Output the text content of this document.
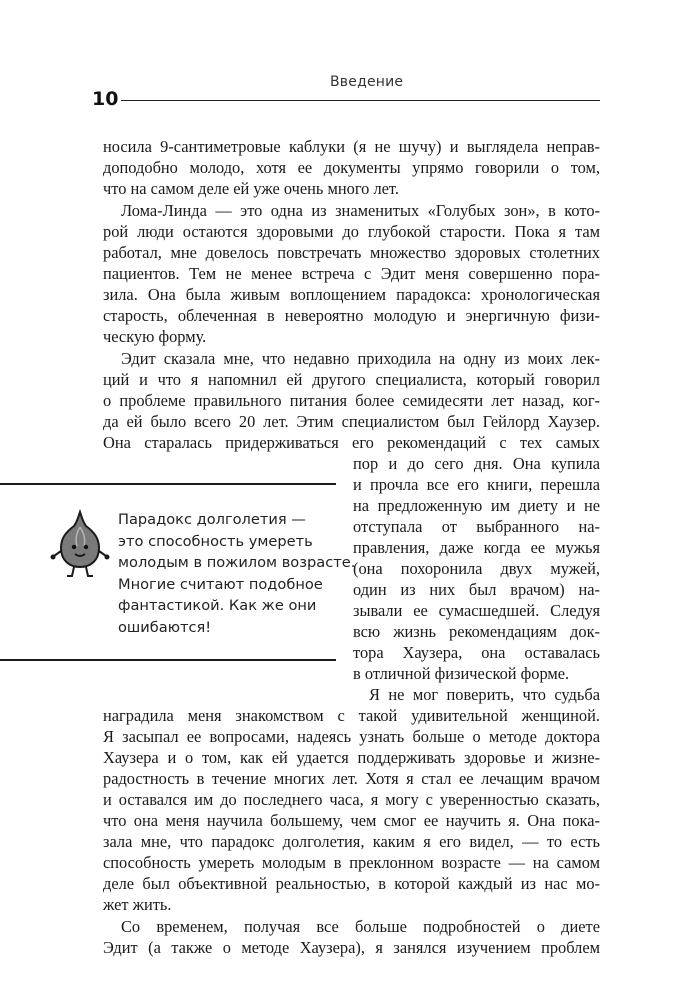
Введение
10
носила 9-сантиметровые каблуки (я не шучу) и выглядела неправ-
доподобно молодо, хотя ее документы упрямо говорили о том,
что на самом деле ей уже очень много лет.
Лома-Линда — это одна из знаменитых «Голубых зон», в кото-
рой люди остаются здоровыми до глубокой старости. Пока я там
работал, мне довелось повстречать множество здоровых столетних
пациентов. Тем не менее встреча с Эдит меня совершенно пора-
зила. Она была живым воплощением парадокса: хронологическая
старость, облеченная в невероятно молодую и энергичную физи-
ческую форму.
Эдит сказала мне, что недавно приходила на одну из моих лек-
ций и что я напомнил ей другого специалиста, который говорил
о проблеме правильного питания более семидесяти лет назад, ког-
да ей было всего 20 лет. Этим специалистом был Гейлорд Хаузер.
Она старалась придерживаться его рекомендаций с тех самых
пор и до сего дня. Она купила
и прочла все его книги, перешла
на предложенную им диету и не
отступала от выбранного на-
правления, даже когда ее мужья
(она похоронила двух мужей,
один из них был врачом) на-
зывали ее сумасшедшей. Следуя
всю жизнь рекомендациям док-
тора Хаузера, она оставалась
в отличной физической форме.
Я не мог поверить, что судьба
наградила меня знакомством с такой удивительной женщиной.
Я засыпал ее вопросами, надеясь узнать больше о методе доктора
Хаузера и о том, как ей удается поддерживать здоровье и жизне-
радостность в течение многих лет. Хотя я стал ее лечащим врачом
и оставался им до последнего часа, я могу с уверенностью сказать,
что она меня научила большему, чем смог ее научить я. Она пока-
зала мне, что парадокс долголетия, каким я его видел, — то есть
способность умереть молодым в преклонном возрасте — на самом
деле был объективной реальностью, в которой каждый из нас мо-
жет жить.
Со временем, получая все больше подробностей о диете
Эдит (а также о методе Хаузера), я занялся изучением проблем
Парадокс долголетия —
это способность умереть
молодым в пожилом возрасте.
Многие считают подобное
фантастикой. Как же они
ошибаются!
